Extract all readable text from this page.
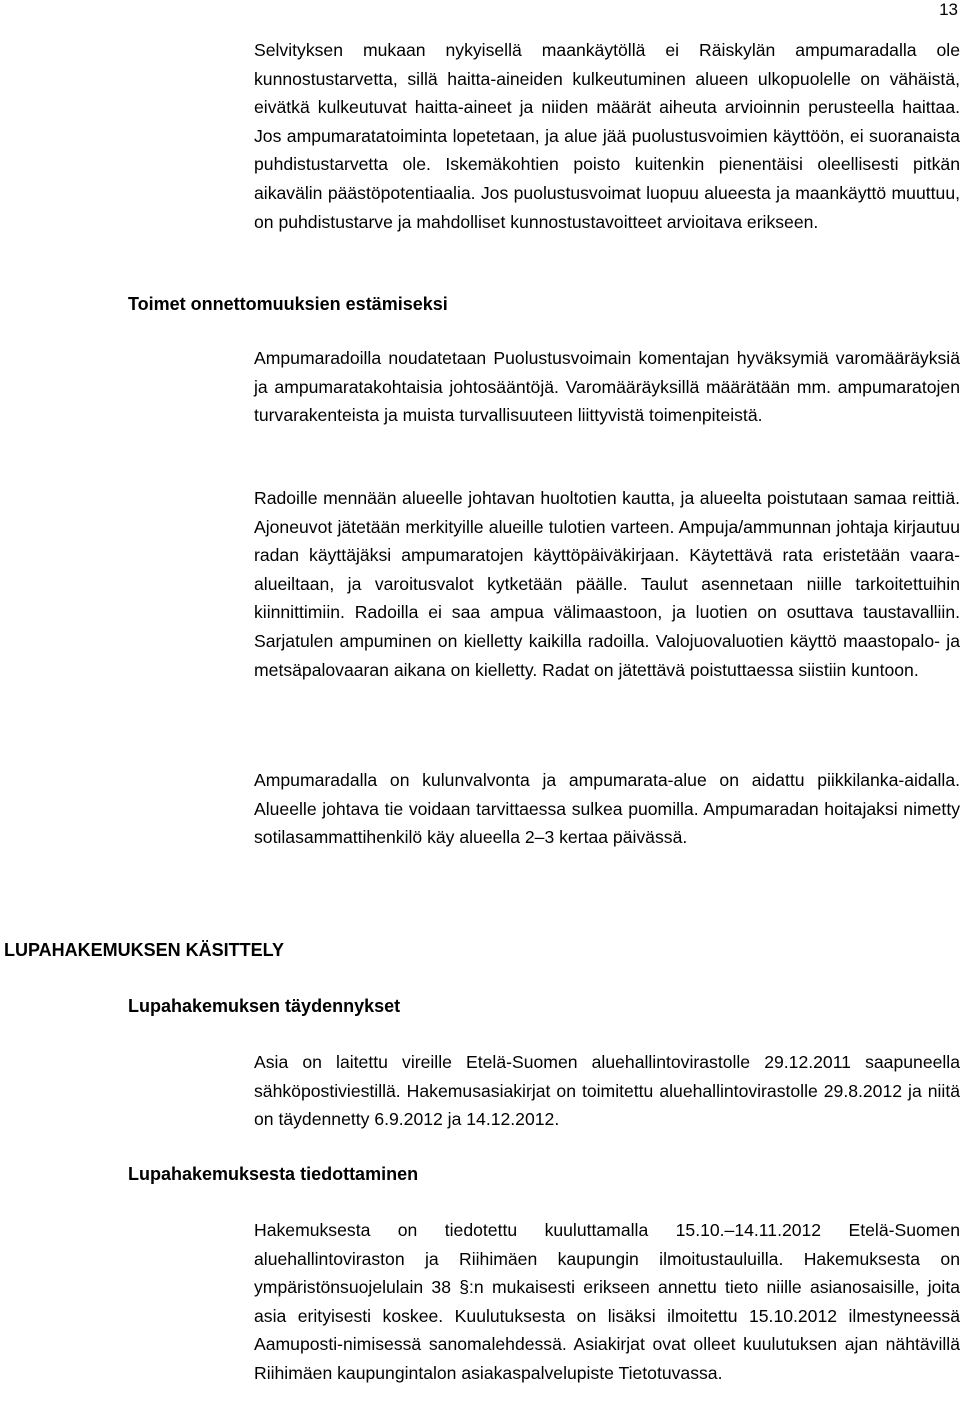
13

Selvityksen mukaan nykyisellä maankäytöllä ei Räiskylän ampumaradalla ole kunnostustarvetta, sillä haitta-aineiden kulkeutuminen alueen ulkopuolelle on vähäistä, eivätkä kulkeutuvat haitta-aineet ja niiden määrät aiheuta arvioinnin perusteella haittaa. Jos ampumaratatoiminta lopetetaan, ja alue jää puolustusvoimien käyttöön, ei suoranaista puhdistustarvetta ole. Iskemäkohtien poisto kuitenkin pienentäisi oleellisesti pitkän aikavälin päästöpotentiaalia. Jos puolustusvoimat luopuu alueesta ja maankäyttö muuttuu, on puhdistustarve ja mahdolliset kunnostustavoitteet arvioitava erikseen.

Toimet onnettomuuksien estämiseksi

Ampumaradoilla noudatetaan Puolustusvoimain komentajan hyväksymiä varomääräyksiä ja ampumaratakohtaisia johtosääntöjä. Varomääräyksillä määrätään mm. ampumaratojen turvarakenteista ja muista turvallisuuteen liittyvistä toimenpiteistä.

Radoille mennään alueelle johtavan huoltotien kautta, ja alueelta poistutaan samaa reittiä. Ajoneuvot jätetään merkityille alueille tulotien varteen. Ampuja/ammunnan johtaja kirjautuu radan käyttäjäksi ampumaratojen käyttöpäiväkirjaan. Käytettävä rata eristetään vaara-alueiltaan, ja varoitusvalot kytketään päälle. Taulut asennetaan niille tarkoitettuihin kiinnittimiin. Radoilla ei saa ampua välimaastoon, ja luotien on osuttava taustavalliin. Sarjatulen ampuminen on kielletty kaikilla radoilla. Valojuovaluotien käyttö maastopalo- ja metsäpalovaaran aikana on kielletty. Radat on jätettävä poistuttaessa siistiin kuntoon.

Ampumaradalla on kulunvalvonta ja ampumarata-alue on aidattu piikkilanka-aidalla. Alueelle johtava tie voidaan tarvittaessa sulkea puomilla. Ampumaradan hoitajaksi nimetty sotilasammattihenkilö käy alueella 2–3 kertaa päivässä.

LUPAHAKEMUKSEN KÄSITTELY
Lupahakemuksen täydennykset

Asia on laitettu vireille Etelä-Suomen aluehallintovirastolle 29.12.2011 saapuneella sähköpostiviestillä. Hakemusasiakirjat on toimitettu aluehallintovirastolle 29.8.2012 ja niitä on täydennetty 6.9.2012 ja 14.12.2012.

Lupahakemuksesta tiedottaminen

Hakemuksesta on tiedotettu kuuluttamalla 15.10.–14.11.2012 Etelä-Suomen aluehallintoviraston ja Riihimäen kaupungin ilmoitustauluilla. Hakemuksesta on ympäristönsuojelulain 38 §:n mukaisesti erikseen annettu tieto niille asianosaisille, joita asia erityisesti koskee. Kuulutuksesta on lisäksi ilmoitettu 15.10.2012 ilmestyneessä Aamuposti-nimisessä sanomalehdessä. Asiakirjat ovat olleet kuulutuksen ajan nähtävillä Riihimäen kaupungintalon asiakaspalvelupiste Tietotuvassa.
